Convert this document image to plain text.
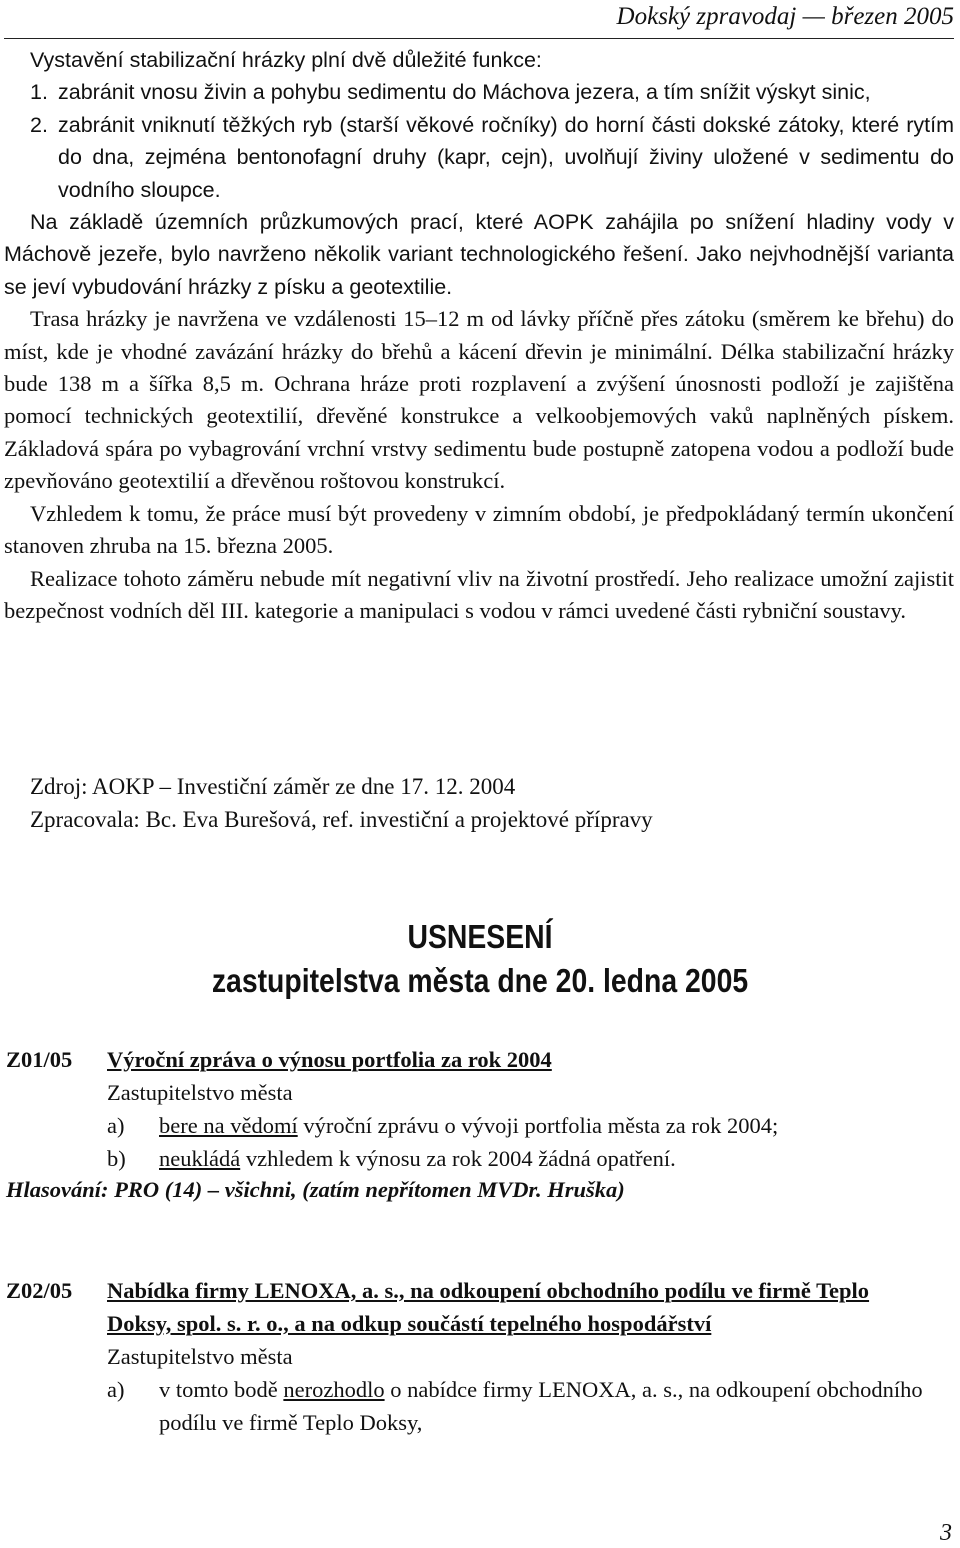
Dokský zpravodaj — březen 2005
Vystavění stabilizační hrázky plní dvě důležité funkce:
1. zabránit vnosu živin a pohybu sedimentu do Máchova jezera, a tím snížit výskyt sinic,
2. zabránit vniknutí těžkých ryb (starší věkové ročníky) do horní části dokské zátoky, které rytím do dna, zejména bentonofagní druhy (kapr, cejn), uvolňují živiny uložené v sedimentu do vodního sloupce.

Na základě územních průzkumových prací, které AOPK zahájila po snížení hladiny vody v Máchově jezeře, bylo navrženo několik variant technologického řešení. Jako nejvhodnější varianta se jeví vybudování hrázky z písku a geotextilie.

Trasa hrázky je navržena ve vzdálenosti 15–12 m od lávky příčně přes zátoku (směrem ke břehu) do míst, kde je vhodné zavázání hrázky do břehů a kácení dřevin je minimální. Délka stabilizační hrázky bude 138 m a šířka 8,5 m. Ochrana hráze proti rozplavení a zvýšení únosnosti podloží je zajištěna pomocí technických geotextilií, dřevěné konstrukce a velkoobjemových vaků naplněných pískem. Základová spára po vybagrování vrchní vrstvy sedimentu bude postupně zatopena vodou a podloží bude zpevňováno geotextilií a dřevěnou roštovou konstrukcí.

Vzhledem k tomu, že práce musí být provedeny v zimním období, je předpokládaný termín ukončení stanoven zhruba na 15. března 2005.

Realizace tohoto záměru nebude mít negativní vliv na životní prostředí. Jeho realizace umožní zajistit bezpečnost vodních děl III. kategorie a manipulaci s vodou v rámci uvedené části rybniční soustavy.

Zdroj: AOKP – Investiční záměr ze dne 17. 12. 2004
Zpracovala: Bc. Eva Burešová, ref. investiční a projektové přípravy
USNESENÍ
zastupitelstva města dne 20. ledna 2005
Z01/05 Výroční zpráva o výnosu portfolia za rok 2004
Zastupitelstvo města
a)	bere na vědomí výroční zprávu o vývoji portfolia města za rok 2004;
b)	neukládá vzhledem k výnosu za rok 2004 žádná opatření.
Hlasování: PRO (14) – všichni, (zatím nepřítomen MVDr. Hruška)
Z02/05 Nabídka firmy LENOXA, a. s., na odkoupení obchodního podílu ve firmě Teplo Doksy, spol. s. r. o., a na odkup součástí tepelného hospodářství
Zastupitelstvo města
a)	v tomto bodě nerozhodlo o nabídce firmy LENOXA, a. s., na odkoupení obchodního podílu ve firmě Teplo Doksy,
3
